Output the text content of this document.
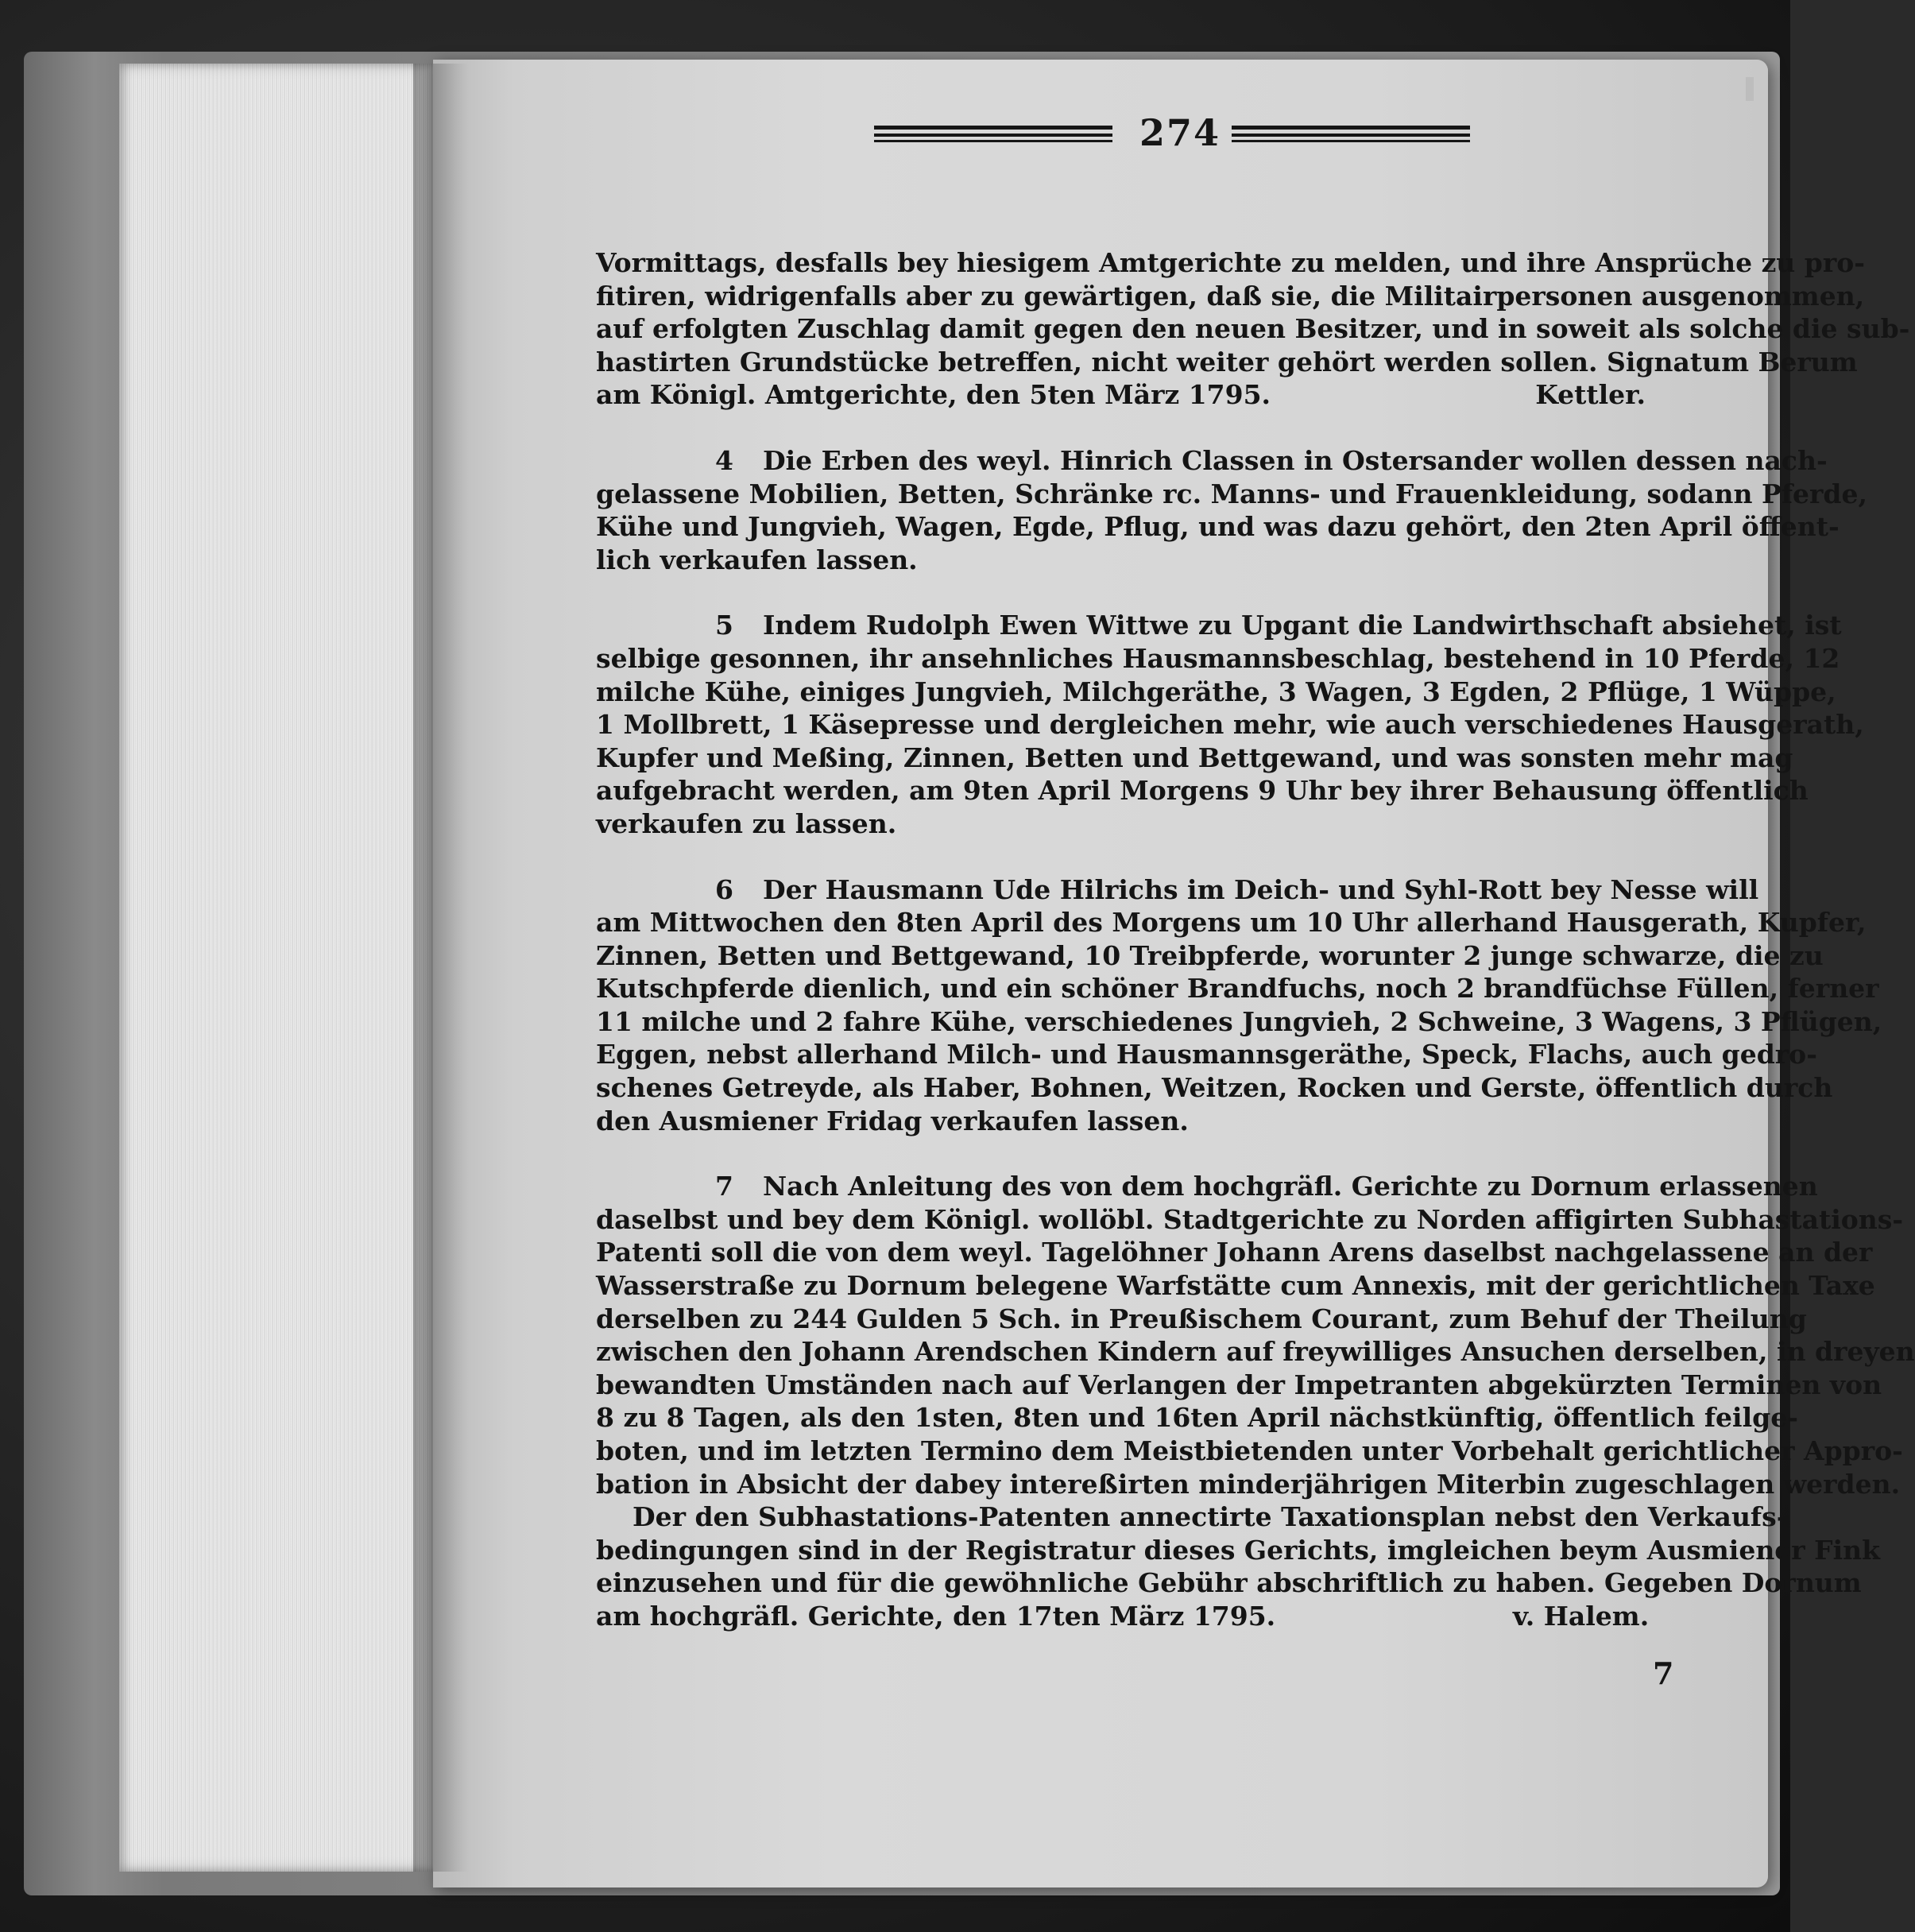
274
Vormittags, desfalls bey hiesigem Amtgerichte zu melden, und ihre Ansprüche zu pro-
fitiren, widrigenfalls aber zu gewärtigen, daß sie, die Militairpersonen ausgenommen,
auf erfolgten Zuschlag damit gegen den neuen Besitzer, und in soweit als solche die sub-
hastirten Grundstücke betreffen, nicht weiter gehört werden sollen. Signatum Berum
am Königl. Amtgerichte, den 5ten März 1795.                             Kettler.
4 Die Erben des weyl. Hinrich Classen in Ostersander wollen dessen nach-
gelassene Mobilien, Betten, Schränke rc. Manns- und Frauenkleidung, sodann Pferde,
Kühe und Jungvieh, Wagen, Egde, Pflug, und was dazu gehört, den 2ten April öffent-
lich verkaufen lassen.
5 Indem Rudolph Ewen Wittwe zu Upgant die Landwirthschaft absiehet, ist
selbige gesonnen, ihr ansehnliches Hausmannsbeschlag, bestehend in 10 Pferde, 12
milche Kühe, einiges Jungvieh, Milchgeräthe, 3 Wagen, 3 Egden, 2 Pflüge, 1 Wüppe,
1 Mollbrett, 1 Käsepresse und dergleichen mehr, wie auch verschiedenes Hausgerath,
Kupfer und Meßing, Zinnen, Betten und Bettgewand, und was sonsten mehr mag
aufgebracht werden, am 9ten April Morgens 9 Uhr bey ihrer Behausung öffentlich
verkaufen zu lassen.
6 Der Hausmann Ude Hilrichs im Deich- und Syhl-Rott bey Nesse will
am Mittwochen den 8ten April des Morgens um 10 Uhr allerhand Hausgerath, Kupfer,
Zinnen, Betten und Bettgewand, 10 Treibpferde, worunter 2 junge schwarze, die zu
Kutschpferde dienlich, und ein schöner Brandfuchs, noch 2 brandfüchse Füllen, ferner
11 milche und 2 fahre Kühe, verschiedenes Jungvieh, 2 Schweine, 3 Wagens, 3 Pflügen,
Eggen, nebst allerhand Milch- und Hausmannsgeräthe, Speck, Flachs, auch gedro-
schenes Getreyde, als Haber, Bohnen, Weitzen, Rocken und Gerste, öffentlich durch
den Ausmiener Fridag verkaufen lassen.
7 Nach Anleitung des von dem hochgräfl. Gerichte zu Dornum erlassenen
daselbst und bey dem Königl. wollöbl. Stadtgerichte zu Norden affigirten Subhastations-
Patenti soll die von dem weyl. Tagelöhner Johann Arens daselbst nachgelassene an der
Wasserstraße zu Dornum belegene Warfstätte cum Annexis, mit der gerichtlichen Taxe
derselben zu 244 Gulden 5 Sch. in Preußischem Courant, zum Behuf der Theilung
zwischen den Johann Arendschen Kindern auf freywilliges Ansuchen derselben, in dreyen
bewandten Umständen nach auf Verlangen der Impetranten abgekürzten Terminen von
8 zu 8 Tagen, als den 1sten, 8ten und 16ten April nächstkünftig, öffentlich feilge-
boten, und im letzten Termino dem Meistbietenden unter Vorbehalt gerichtlicher Appro-
bation in Absicht der dabey intereßirten minderjährigen Miterbin zugeschlagen werden.
Der den Subhastations-Patenten annectirte Taxationsplan nebst den Verkaufs-
bedingungen sind in der Registratur dieses Gerichts, imgleichen beym Ausmiener Fink
einzusehen und für die gewöhnliche Gebühr abschriftlich zu haben. Gegeben Dornum
am hochgräfl. Gerichte, den 17ten März 1795.                          v. Halem.
7
